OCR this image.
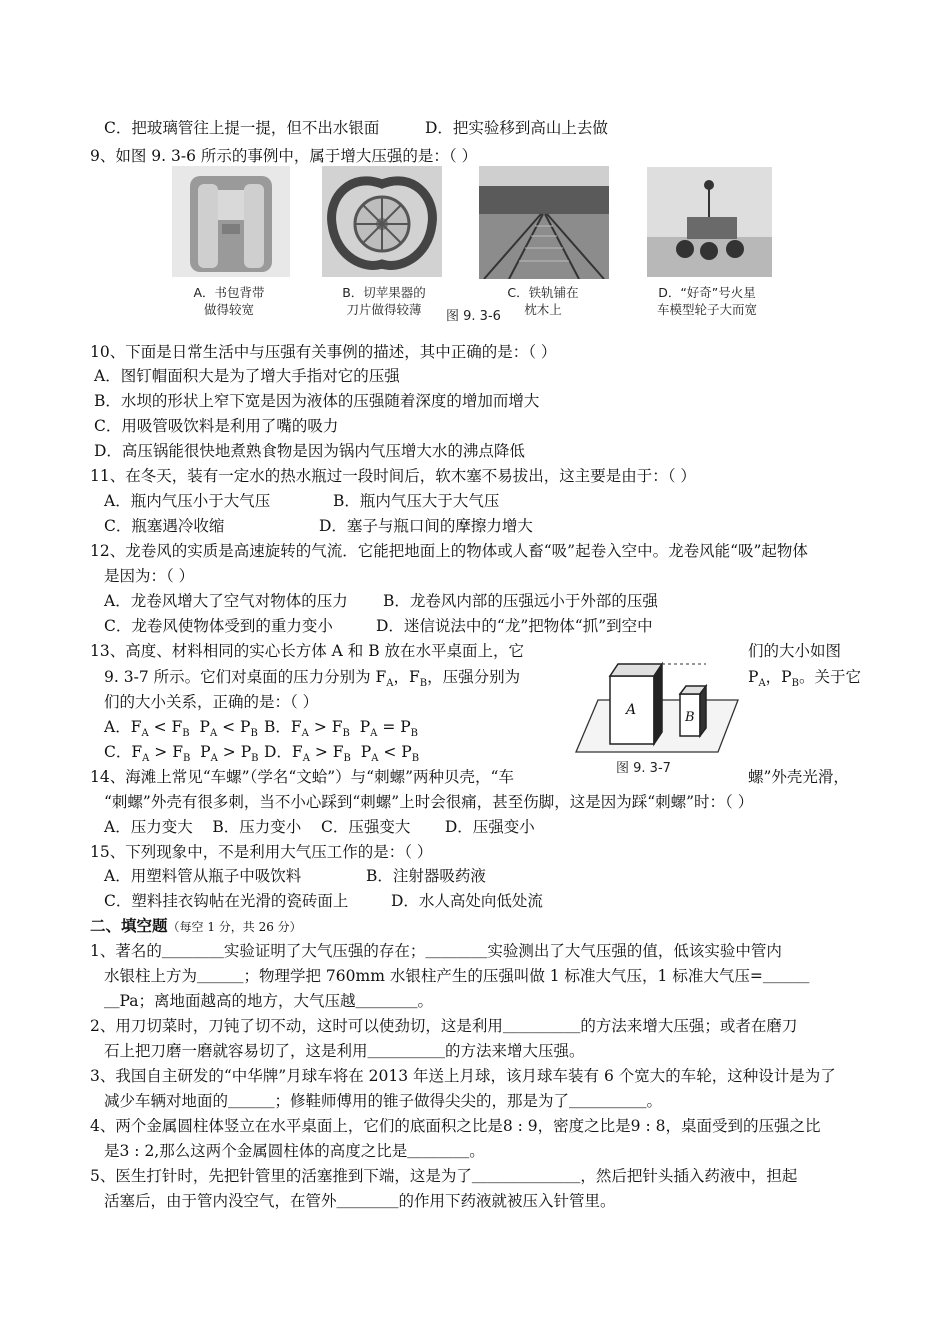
C．把玻璃管往上提一提，但不出水银面	D．把实验移到高山上去做
9、如图 9. 3-6 所示的事例中，属于增大压强的是：（ ）
A．书包背带
做得较宽
B．切苹果器的
刀片做得较薄	图 9. 3-6
C．铁轨铺在
枕木上
D．“好奇”号火星
车模型轮子大而宽
10、下面是日常生活中与压强有关事例的描述，其中正确的是：（ ）
A．图钉帽面积大是为了增大手指对它的压强
B．水坝的形状上窄下宽是因为液体的压强随着深度的增加而增大
C．用吸管吸饮料是利用了嘴的吸力
D．高压锅能很快地煮熟食物是因为锅内气压增大水的沸点降低
11、在冬天，装有一定水的热水瓶过一段时间后，软木塞不易拔出，这主要是由于：（ ）
A．瓶内气压小于大气压	B．瓶内气压大于大气压
C．瓶塞遇冷收缩	D．塞子与瓶口间的摩擦力增大
12、龙卷风的实质是高速旋转的气流．它能把地面上的物体或人畜“吸”起卷入空中。龙卷风能“吸”起物体
是因为：（ ）
A．龙卷风增大了空气对物体的压力 B．龙卷风内部的压强远小于外部的压强
C．龙卷风使物体受到的重力变小	D．迷信说法中的“龙”把物体“抓”到空中
13、高度、材料相同的实心长方体 A 和 B 放在水平桌面上，它	们的大小如图
9. 3-7 所示。它们对桌面的压力分别为 $F_A$，$F_B$，压强分别为	$P_A$，$P_B$。关于它
们的大小关系，正确的是：（ ）
A．$F_A < F_B$  $P_A < P_B$ B．$F_A > F_B$  $P_A = P_B$
C．$F_A > F_B$  $P_A > P_B$ D．$F_A > F_B$  $P_A < P_B$
A	B
图 9. 3-7
14、海滩上常见“车螺”（学名“文蛤”）与“刺螺”两种贝壳，“车	螺”外壳光滑，
“刺螺”外壳有很多刺，当不小心踩到“刺螺”上时会很痛，甚至伤脚，这是因为踩“刺螺”时：（ ）
A．压力变大    B．压力变小    C．压强变大       D．压强变小
15、下列现象中，不是利用大气压工作的是：（ ）
A．用塑料管从瓶子中吸饮料	B．注射器吸药液
C．塑料挂衣钩帖在光滑的瓷砖面上	D．水人高处向低处流
二、填空题（每空 1 分，共 26 分）
1、著名的＿＿＿＿实验证明了大气压强的存在；＿＿＿＿实验测出了大气压强的值，低该实验中管内
水银柱上方为＿＿＿；物理学把 760mm 水银柱产生的压强叫做 1 标准大气压，1 标准大气压=＿＿＿
＿Pa；离地面越高的地方，大气压越＿＿＿＿。
2、用刀切菜时，刀钝了切不动，这时可以使劲切，这是利用＿＿＿＿＿的方法来增大压强；或者在磨刀
石上把刀磨一磨就容易切了，这是利用＿＿＿＿＿的方法来增大压强。
3、我国自主研发的“中华牌”月球车将在 2013 年送上月球，该月球车装有 6 个宽大的车轮，这种设计是为了
减少车辆对地面的＿＿＿；修鞋师傅用的锥子做得尖尖的，那是为了＿＿＿＿＿。
4、两个金属圆柱体竖立在水平桌面上，它们的底面积之比是8 : 9，密度之比是9 : 8，桌面受到的压强之比
是3 : 2,那么这两个金属圆柱体的高度之比是＿＿＿＿。
5、医生打针时，先把针管里的活塞推到下端，这是为了＿＿＿＿＿＿＿，然后把针头插入药液中，担起
活塞后，由于管内没空气，在管外＿＿＿＿的作用下药液就被压入针管里。
